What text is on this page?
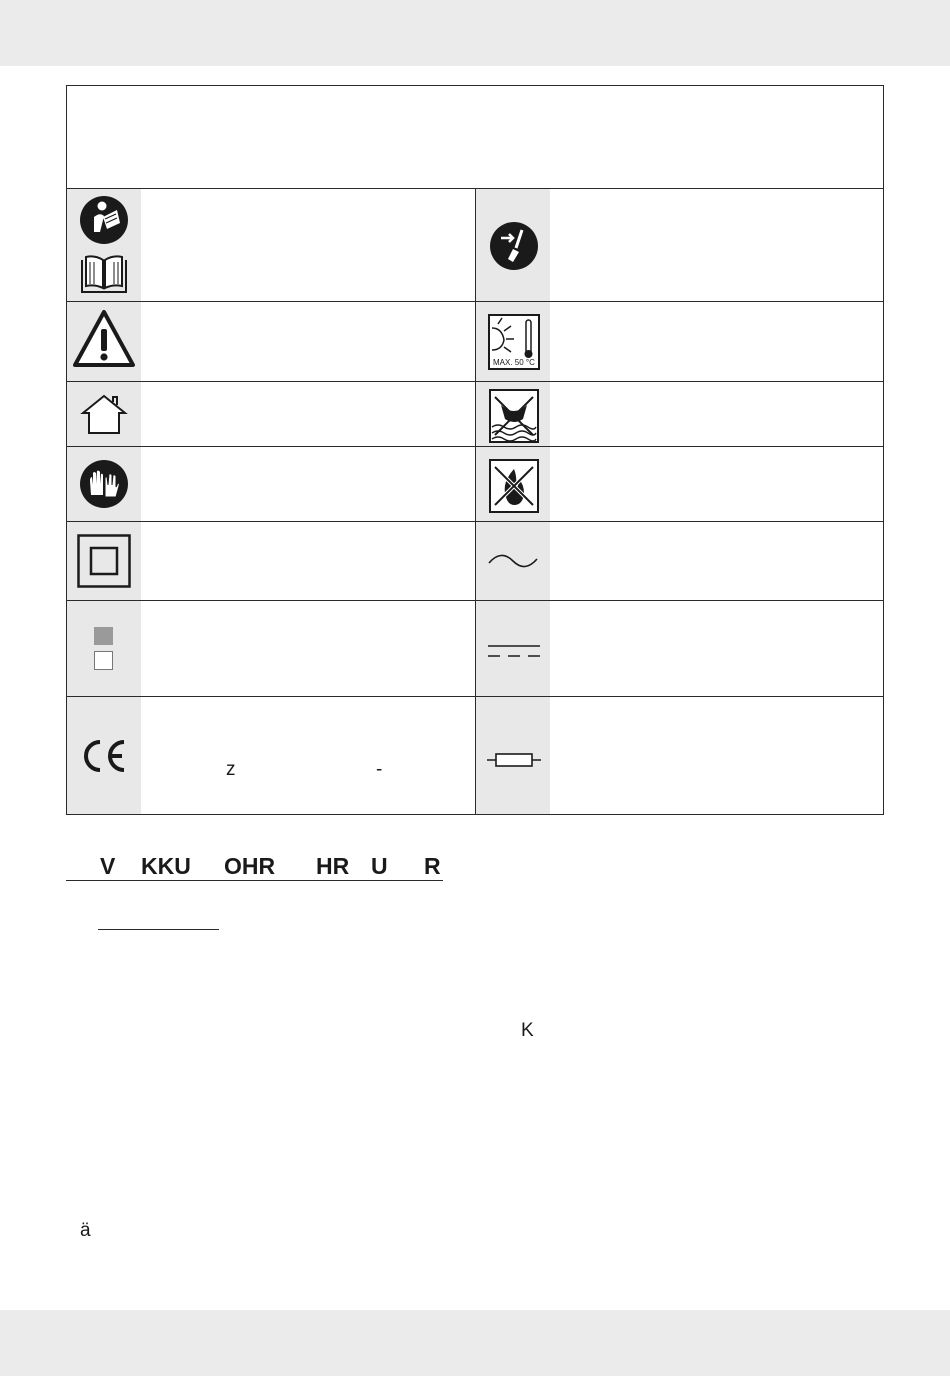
MAX. 50 °C
z	-
V KKU OHR HR U R
K
ä
